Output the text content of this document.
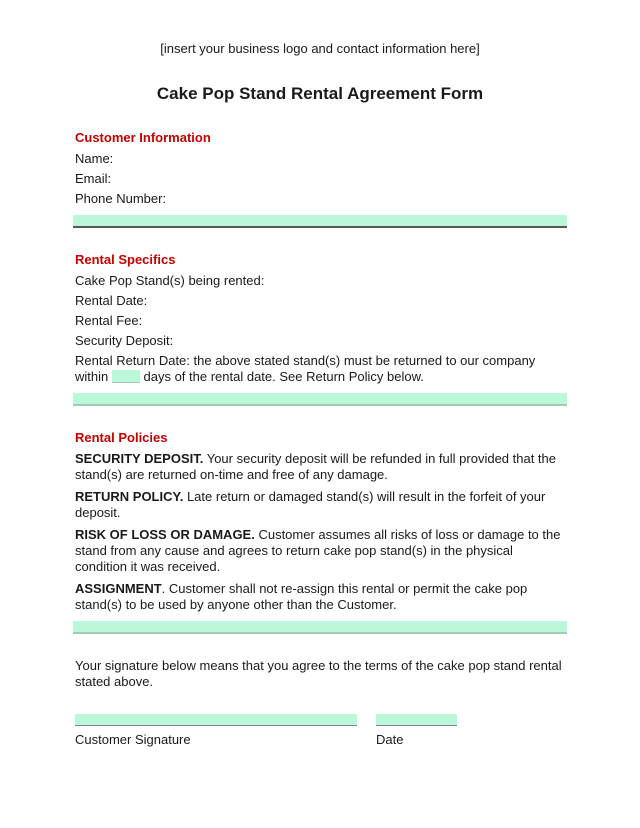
[insert your business logo and contact information here]
Cake Pop Stand Rental Agreement Form
Customer Information
Name:
Email:
Phone Number:
Rental Specifics
Cake Pop Stand(s) being rented:
Rental Date:
Rental Fee:
Security Deposit:
Rental Return Date: the above stated stand(s) must be returned to our company within	days of the rental date. See Return Policy below.
Rental Policies
SECURITY DEPOSIT. Your security deposit will be refunded in full provided that the stand(s) are returned on-time and free of any damage.
RETURN POLICY. Late return or damaged stand(s) will result in the forfeit of your deposit.
RISK OF LOSS OR DAMAGE. Customer assumes all risks of loss or damage to the stand from any cause and agrees to return cake pop stand(s) in the physical condition it was received.
ASSIGNMENT. Customer shall not re-assign this rental or permit the cake pop stand(s) to be used by anyone other than the Customer.
Your signature below means that you agree to the terms of the cake pop stand rental stated above.
Customer Signature	Date
